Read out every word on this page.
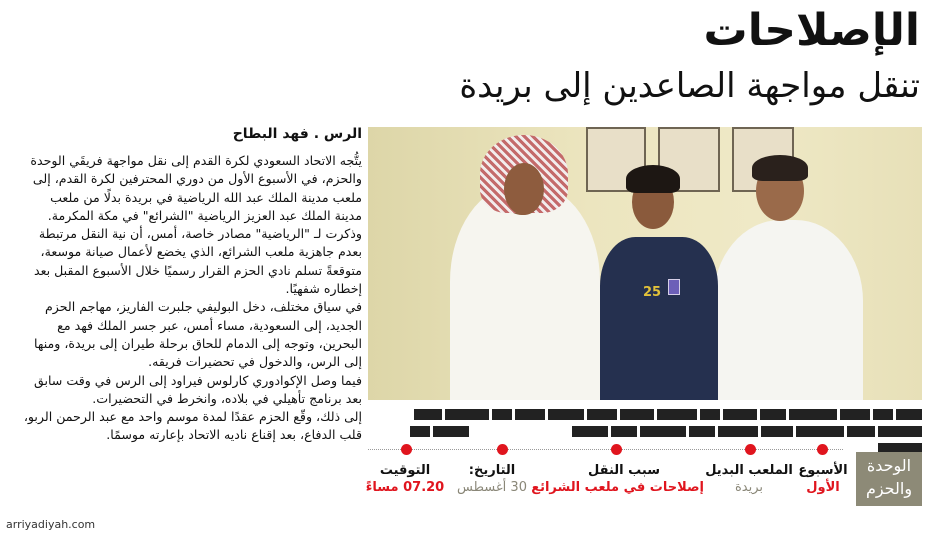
الإصلاحات
تنقل مواجهة الصاعدين إلى بريدة
الرس . فهد البطاح

يتُّجه الاتحاد السعودي لكرة القدم إلى نقل مواجهة فريقَي الوحدة والحزم، في الأسبوع الأول من دوري المحترفين لكرة القدم، إلى ملعب مدينة الملك عبد الله الرياضية في بريدة بدلًا من ملعب مدينة الملك عبد العزيز الرياضية "الشرائع" في مكة المكرمة.

وذكرت لـ "الرياضية" مصادر خاصة، أمس، أن نية النقل مرتبطة بعدم جاهزية ملعب الشرائع، الذي يخضع لأعمال صيانة موسعة، متوقعةً تسلم نادي الحزم القرار رسميًا خلال الأسبوع المقبل بعد إخطاره شفهيًا.

في سياق مختلف، دخل البوليفي جلبرت الفاريز، مهاجم الحزم الجديد، إلى السعودية، مساء أمس، عبر جسر الملك فهد مع البحرين، وتوجه إلى الدمام للحاق برحلة طيران إلى بريدة، ومنها إلى الرس، والدخول في تحضيرات فريقه.

فيما وصل الإكوادوري كارلوس فيراود إلى الرس في وقت سابق بعد برنامج تأهيلي في بلاده، وانخرط في التحضيرات.

إلى ذلك، وقّع الحزم عقدًا لمدة موسم واحد مع عبد الرحمن الربو، قلب الدفاع، بعد إقناع ناديه الاتحاد بإعارته موسمًا.

25
الأسبوع
الأول
الملعب البديل
بريدة
سبب النقل
إصلاحات في ملعب الشرائع
التاريخ:
30 أغسطس
التوقيت
07.20 مساءً
الوحدة والحزم
arriyadiyah.com
